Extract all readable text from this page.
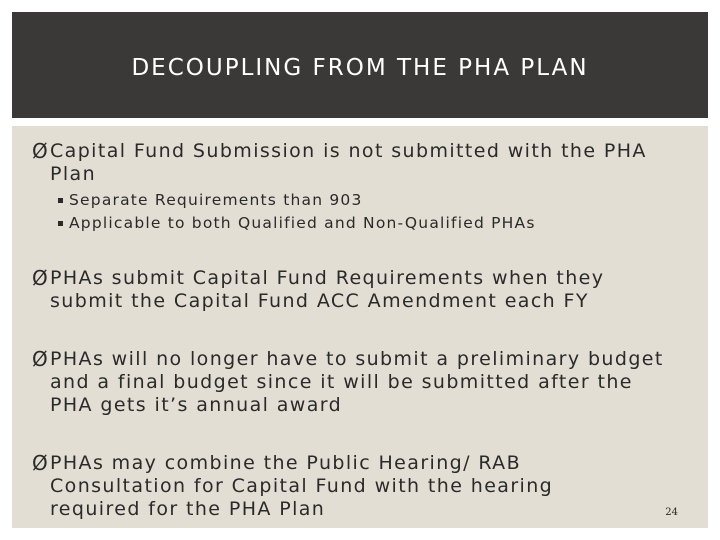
DECOUPLING FROM THE PHA PLAN
Ø Capital Fund Submission is not submitted with the PHA Plan
Separate Requirements than 903
Applicable to both Qualified and Non-Qualified PHAs
Ø PHAs submit Capital Fund Requirements when they submit the Capital Fund ACC Amendment each FY
Ø PHAs will no longer have to submit a preliminary budget and a final budget since it will be submitted after the PHA gets it’s annual award
Ø PHAs may combine the Public Hearing/ RAB Consultation for Capital Fund with the hearing required for the PHA Plan	24
